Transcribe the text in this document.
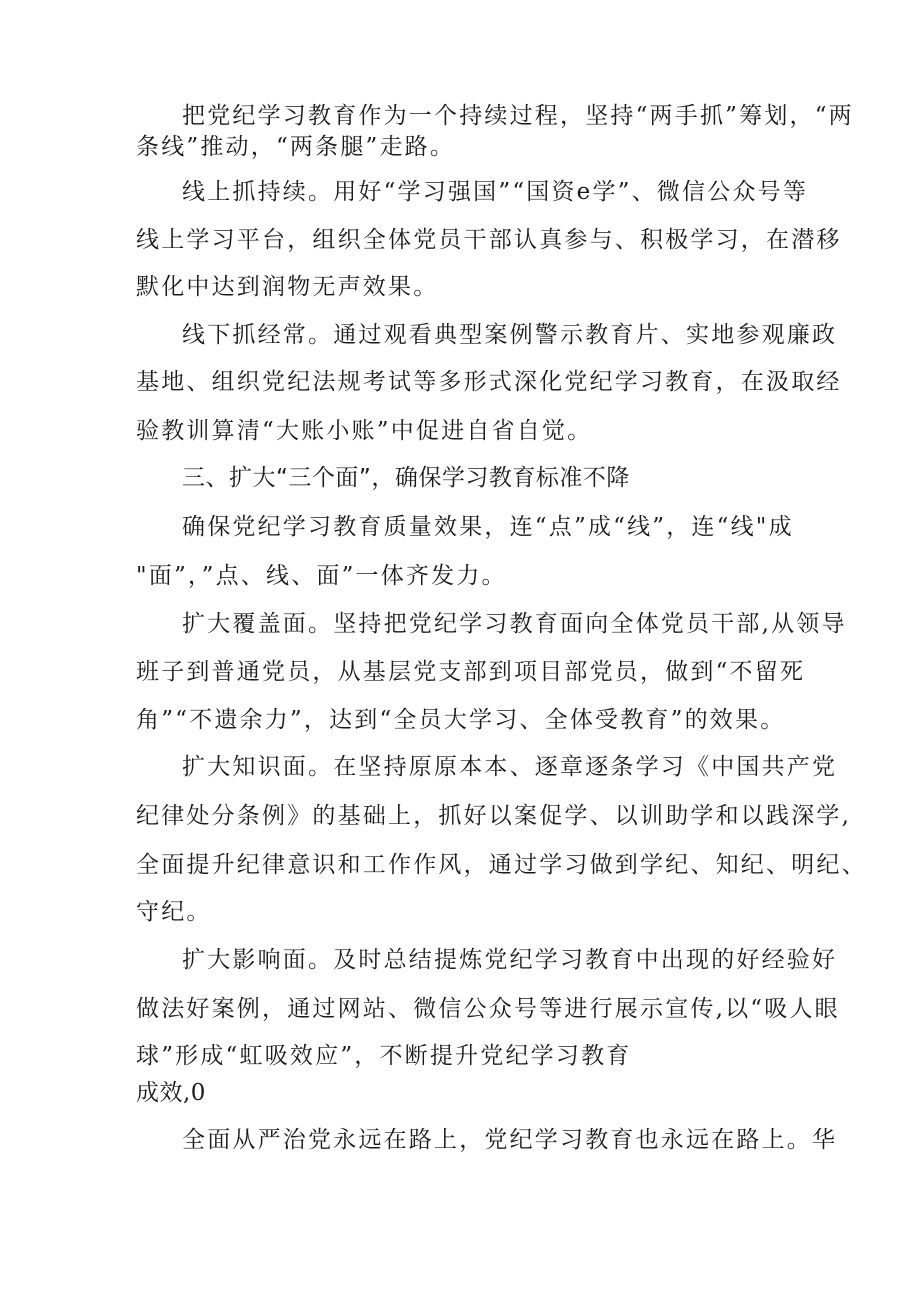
把党纪学习教育作为一个持续过程，坚持“两手抓”筹划，“两
条线”推动，“两条腿”走路。
线上抓持续。用好“学习强国”“国资e学”、微信公众号等
线上学习平台，组织全体党员干部认真参与、积极学习，在潜移
默化中达到润物无声效果。
线下抓经常。通过观看典型案例警示教育片、实地参观廉政
基地、组织党纪法规考试等多形式深化党纪学习教育，在汲取经
验教训算清“大账小账”中促进自省自觉。
三、扩大“三个面”，确保学习教育标准不降
确保党纪学习教育质量效果，连“点”成“线”，连“线"成
"面”，”点、线、面”一体齐发力。
扩大覆盖面。坚持把党纪学习教育面向全体党员干部,从领导
班子到普通党员，从基层党支部到项目部党员，做到“不留死
角”“不遗余力”，达到“全员大学习、全体受教育”的效果。
扩大知识面。在坚持原原本本、逐章逐条学习《中国共产党
纪律处分条例》的基础上，抓好以案促学、以训助学和以践深学,
全面提升纪律意识和工作作风，通过学习做到学纪、知纪、明纪、
守纪。
扩大影响面。及时总结提炼党纪学习教育中出现的好经验好
做法好案例，通过网站、微信公众号等进行展示宣传,以“吸人眼
球”形成“虹吸效应”，不断提升党纪学习教育
成效,0
全面从严治党永远在路上，党纪学习教育也永远在路上。华
